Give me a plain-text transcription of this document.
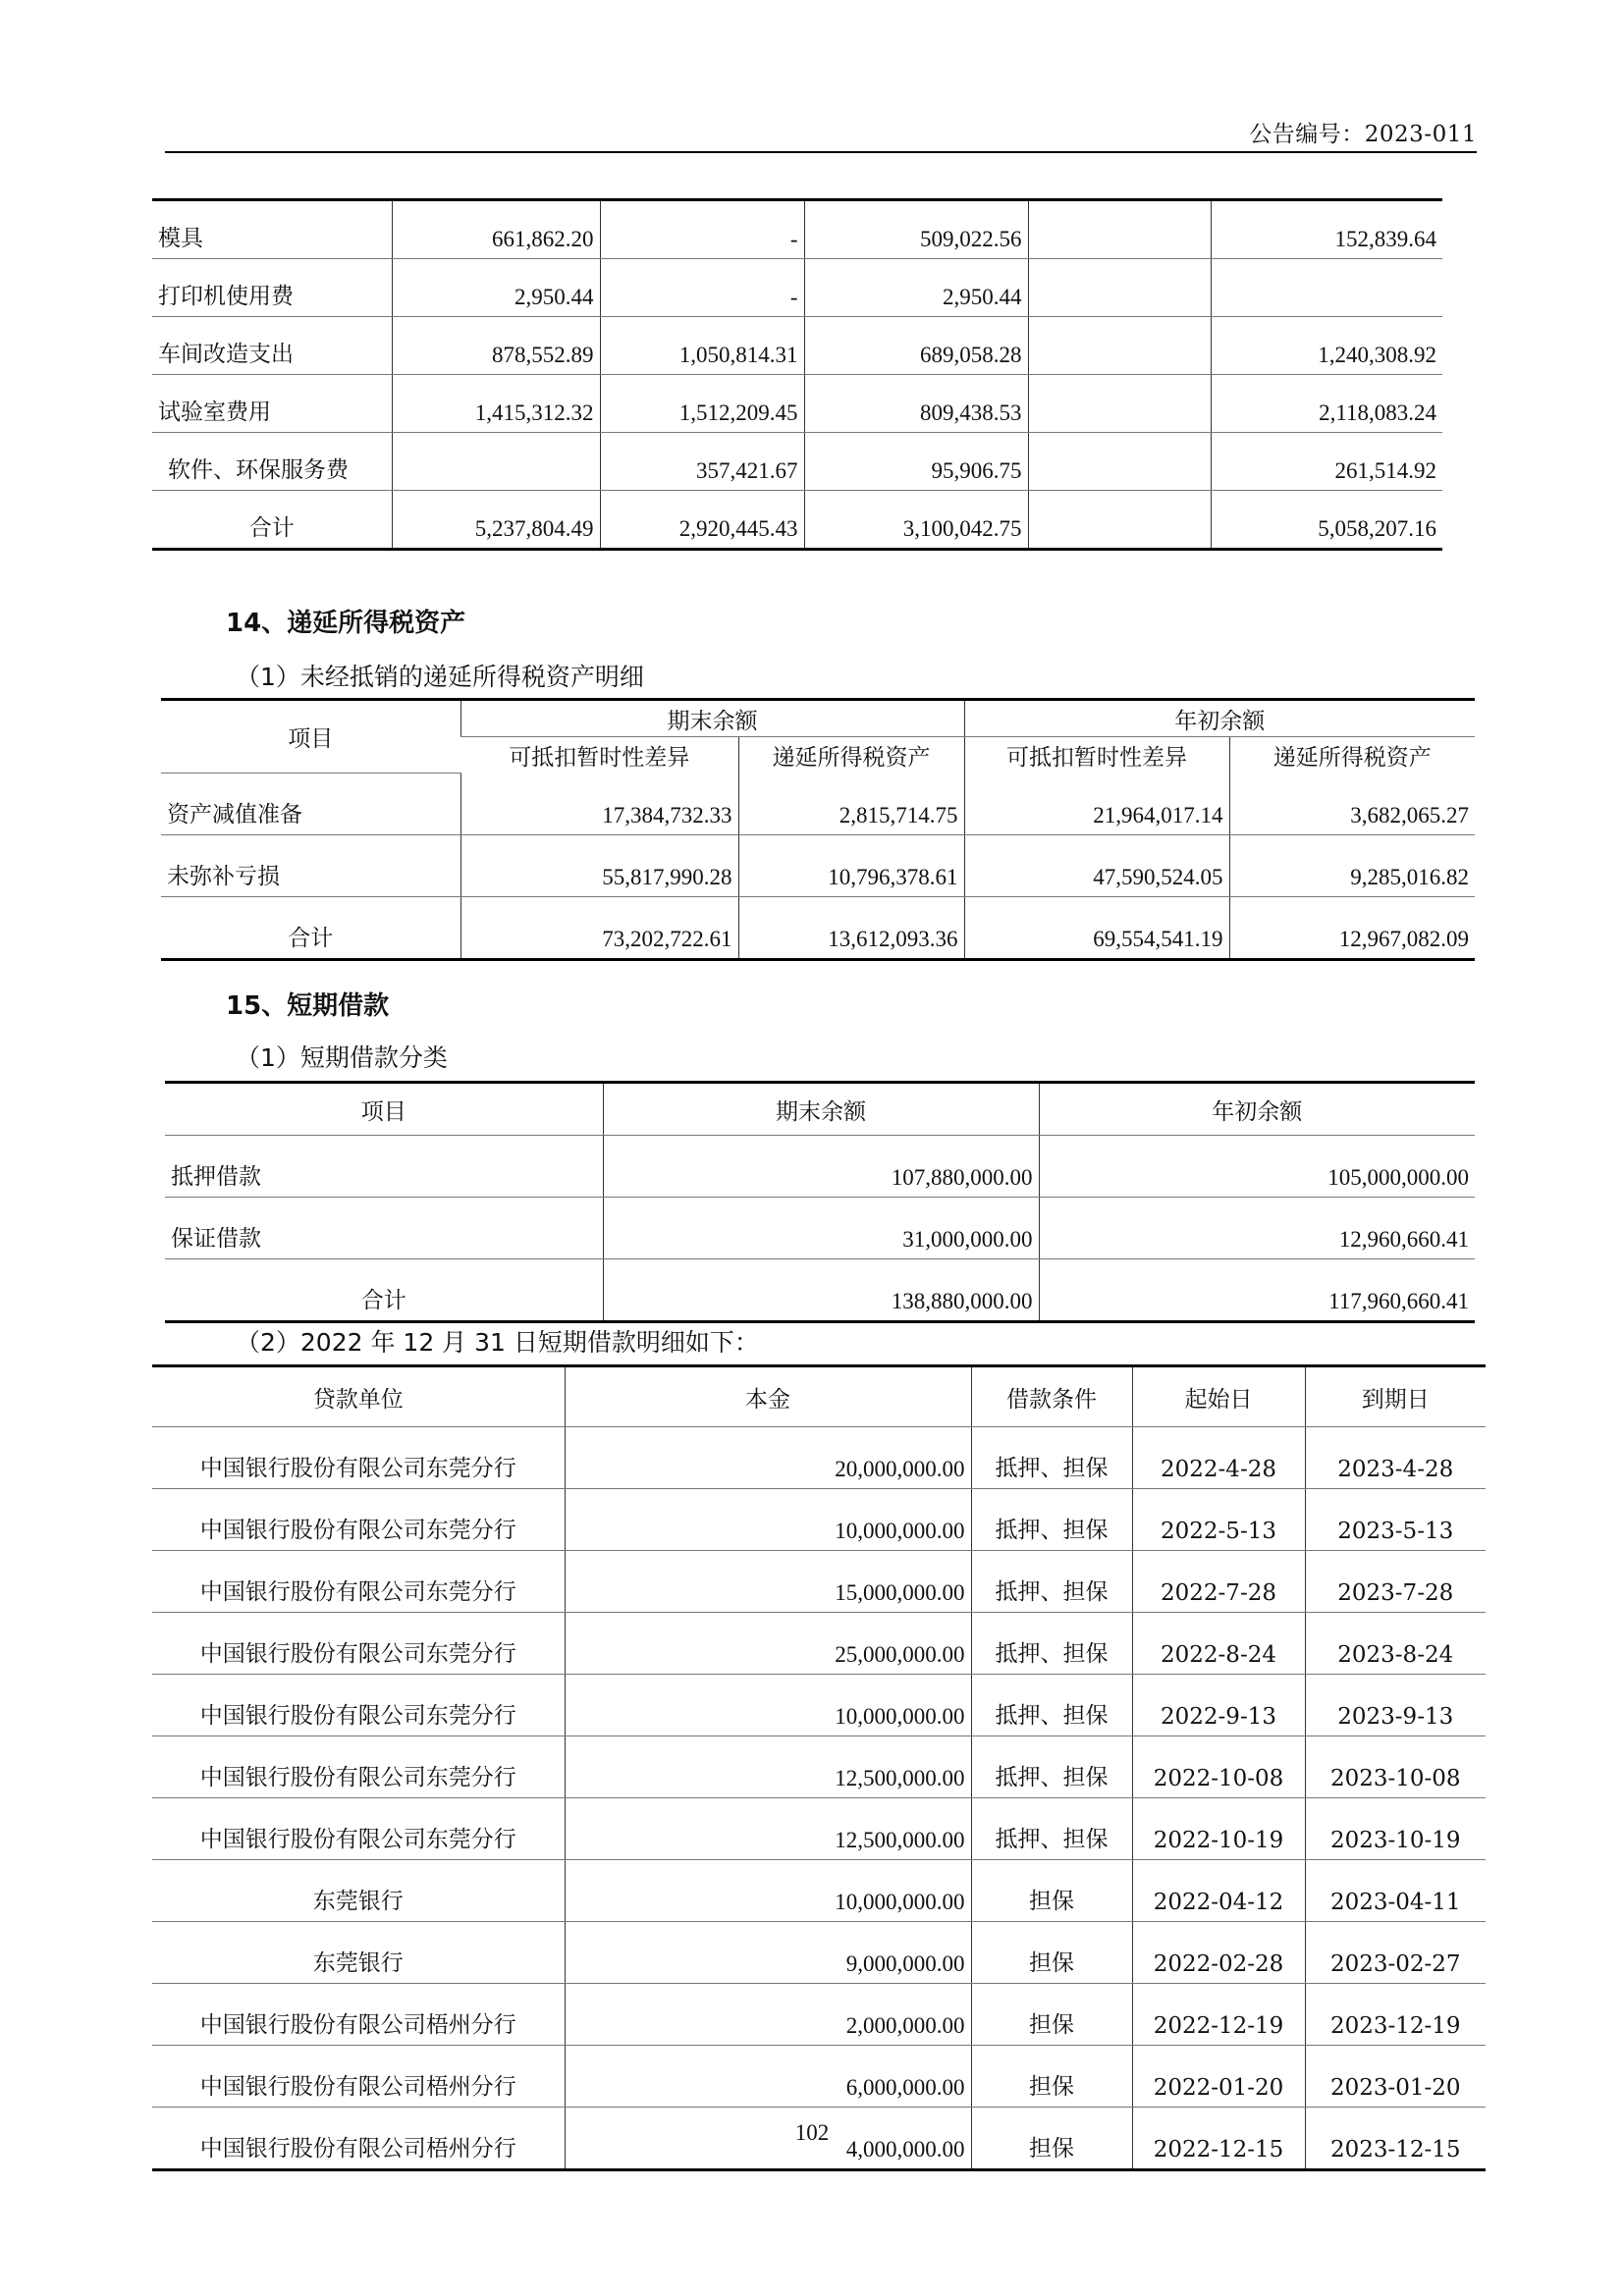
公告编号：2023-011
模具	661,862.20	-	509,022.56		152,839.64
打印机使用费	2,950.44	-	2,950.44		
车间改造支出	878,552.89	1,050,814.31	689,058.28		1,240,308.92
试验室费用	1,415,312.32	1,512,209.45	809,438.53		2,118,083.24
软件、环保服务费		357,421.67	95,906.75		261,514.92
合计	5,237,804.49	2,920,445.43	3,100,042.75		5,058,207.16
14、递延所得税资产
（1）未经抵销的递延所得税资产明细
项目	期末余额		年初余额	
	可抵扣暂时性差异	递延所得税资产	可抵扣暂时性差异	递延所得税资产
资产减值准备	17,384,732.33	2,815,714.75	21,964,017.14	3,682,065.27
未弥补亏损	55,817,990.28	10,796,378.61	47,590,524.05	9,285,016.82
合计	73,202,722.61	13,612,093.36	69,554,541.19	12,967,082.09
15、短期借款
（1）短期借款分类
项目	期末余额	年初余额
抵押借款	107,880,000.00	105,000,000.00
保证借款	31,000,000.00	12,960,660.41
合计	138,880,000.00	117,960,660.41
（2）2022 年 12 月 31 日短期借款明细如下：
贷款单位	本金	借款条件	起始日	到期日
中国银行股份有限公司东莞分行	20,000,000.00	抵押、担保	2022-4-28	2023-4-28
中国银行股份有限公司东莞分行	10,000,000.00	抵押、担保	2022-5-13	2023-5-13
中国银行股份有限公司东莞分行	15,000,000.00	抵押、担保	2022-7-28	2023-7-28
中国银行股份有限公司东莞分行	25,000,000.00	抵押、担保	2022-8-24	2023-8-24
中国银行股份有限公司东莞分行	10,000,000.00	抵押、担保	2022-9-13	2023-9-13
中国银行股份有限公司东莞分行	12,500,000.00	抵押、担保	2022-10-08	2023-10-08
中国银行股份有限公司东莞分行	12,500,000.00	抵押、担保	2022-10-19	2023-10-19
东莞银行	10,000,000.00	担保	2022-04-12	2023-04-11
东莞银行	9,000,000.00	担保	2022-02-28	2023-02-27
中国银行股份有限公司梧州分行	2,000,000.00	担保	2022-12-19	2023-12-19
中国银行股份有限公司梧州分行	6,000,000.00	担保	2022-01-20	2023-01-20
中国银行股份有限公司梧州分行	4,000,000.00	担保	2022-12-15	2023-12-15
102
